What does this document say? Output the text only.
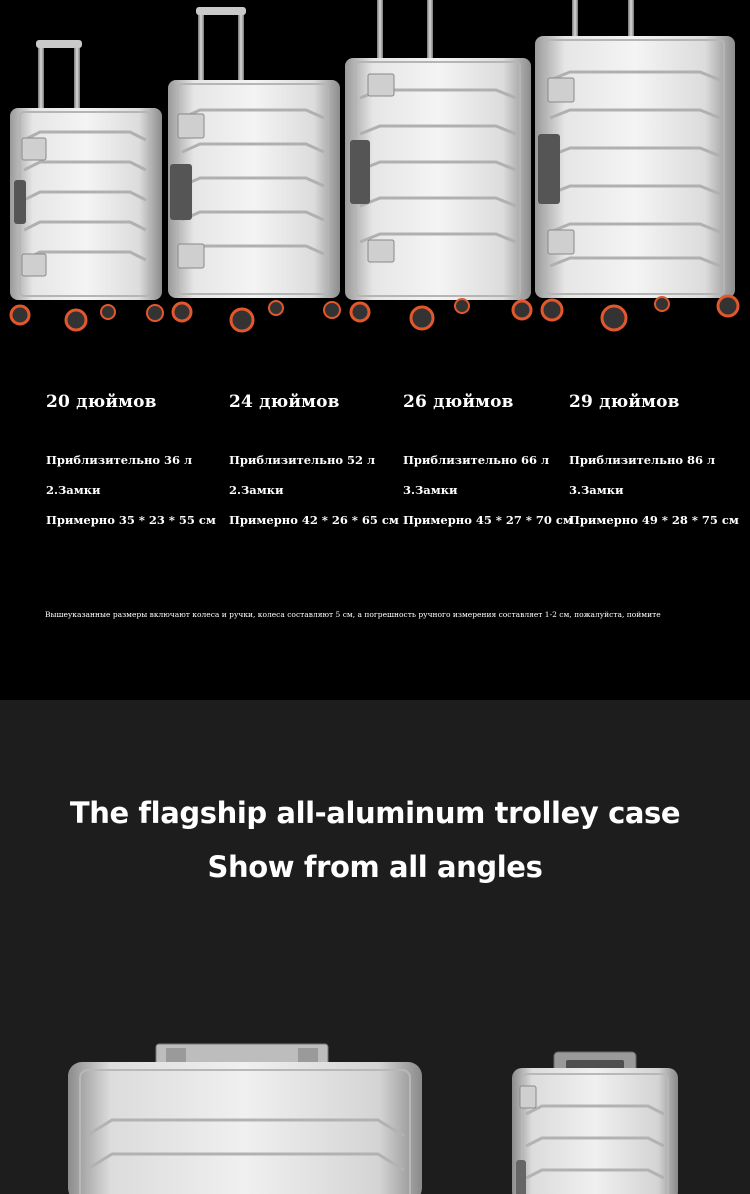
20 дюймов
Приблизительно 36 л
2.Замки
Примерно 35 * 23 * 55 см
24 дюймов
Приблизительно 52 л
2.Замки
Примерно 42 * 26 * 65 см
26 дюймов
Приблизительно 66 л
3.Замки
Примерно 45 * 27 * 70 см
29 дюймов
Приблизительно 86 л
3.Замки
Примерно 49 * 28 * 75 см
Вышеуказанные размеры включают колеса и ручки, колеса составляют 5 см, а погрешность ручного измерения составляет 1-2 см, пожалуйста, поймите
The flagship all-aluminum trolley case
Show from all angles
